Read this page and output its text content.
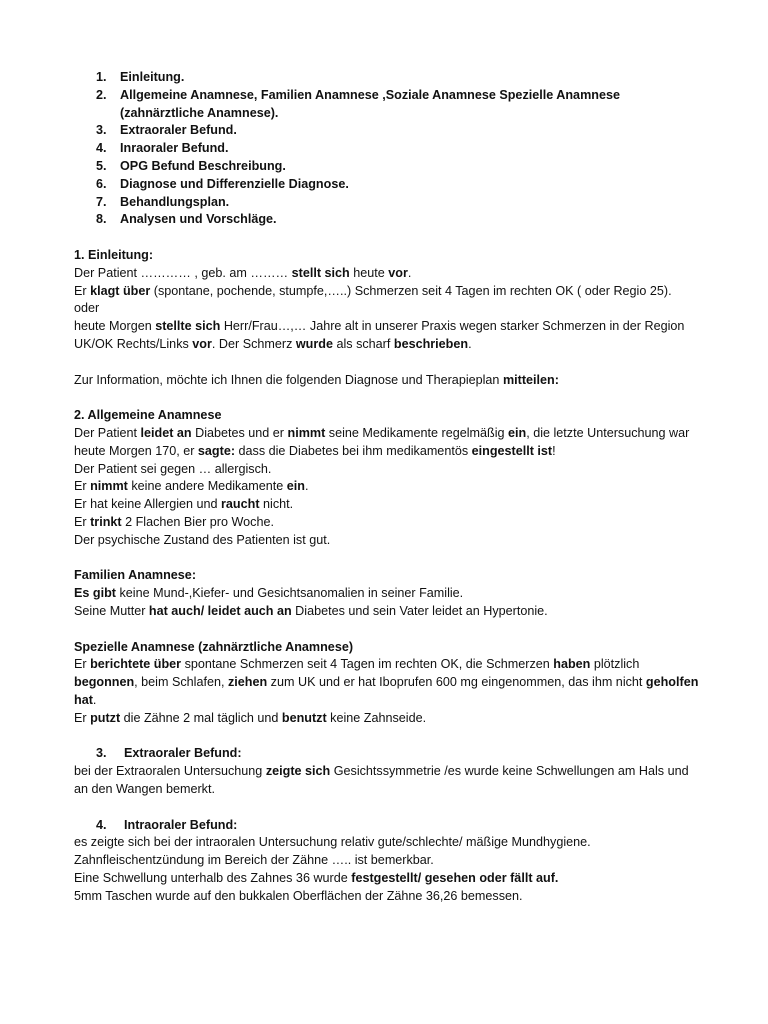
1.	Einleitung.
2.	Allgemeine Anamnese, Familien Anamnese ,Soziale Anamnese Spezielle Anamnese (zahnärztliche Anamnese).
3.	Extraoraler Befund.
4.	Inraoraler Befund.
5.	OPG Befund Beschreibung.
6.	Diagnose und Differenzielle Diagnose.
7.	Behandlungsplan.
8.	Analysen und Vorschläge.
1. Einleitung:
Der Patient ………… , geb. am ……… stellt sich heute vor.
Er klagt über (spontane, pochende, stumpfe,…..) Schmerzen seit 4 Tagen im rechten OK ( oder Regio 25).
oder
heute Morgen stellte sich Herr/Frau…,… Jahre alt in unserer Praxis wegen starker Schmerzen in der Region UK/OK Rechts/Links vor. Der Schmerz wurde als scharf beschrieben.
Zur Information, möchte ich Ihnen die folgenden Diagnose und Therapieplan mitteilen:
2. Allgemeine Anamnese
Der Patient leidet an Diabetes und er nimmt seine Medikamente regelmäßig ein, die letzte Untersuchung war heute Morgen 170, er sagte: dass die Diabetes bei ihm medikamentös eingestellt ist!
Der Patient sei gegen … allergisch.
Er nimmt keine andere Medikamente ein.
Er hat keine Allergien und raucht nicht.
Er trinkt 2 Flachen Bier pro Woche.
Der psychische Zustand des Patienten ist gut.
Familien Anamnese:
Es gibt keine Mund-,Kiefer- und Gesichtsanomalien in seiner Familie.
Seine Mutter hat auch/ leidet auch an Diabetes und sein Vater leidet an Hypertonie.
Spezielle Anamnese (zahnärztliche Anamnese)
Er berichtete über spontane Schmerzen seit 4 Tagen im rechten OK, die Schmerzen haben plötzlich begonnen, beim Schlafen, ziehen zum UK und er hat Iboprufen 600 mg eingenommen, das ihm nicht geholfen hat.
Er putzt die Zähne 2 mal täglich und benutzt keine Zahnseide.
3.     Extraoraler Befund:
bei der Extraoralen Untersuchung zeigte sich Gesichtssymmetrie /es wurde keine Schwellungen am Hals und an den Wangen bemerkt.
4.     Intraoraler Befund:
es zeigte sich bei der intraoralen Untersuchung relativ gute/schlechte/ mäßige Mundhygiene.
Zahnfleischentzündung im Bereich der Zähne ….. ist bemerkbar.
Eine Schwellung unterhalb des Zahnes 36 wurde festgestellt/ gesehen oder fällt auf.
5mm Taschen wurde auf den bukkalen Oberflächen der Zähne 36,26 bemessen.
